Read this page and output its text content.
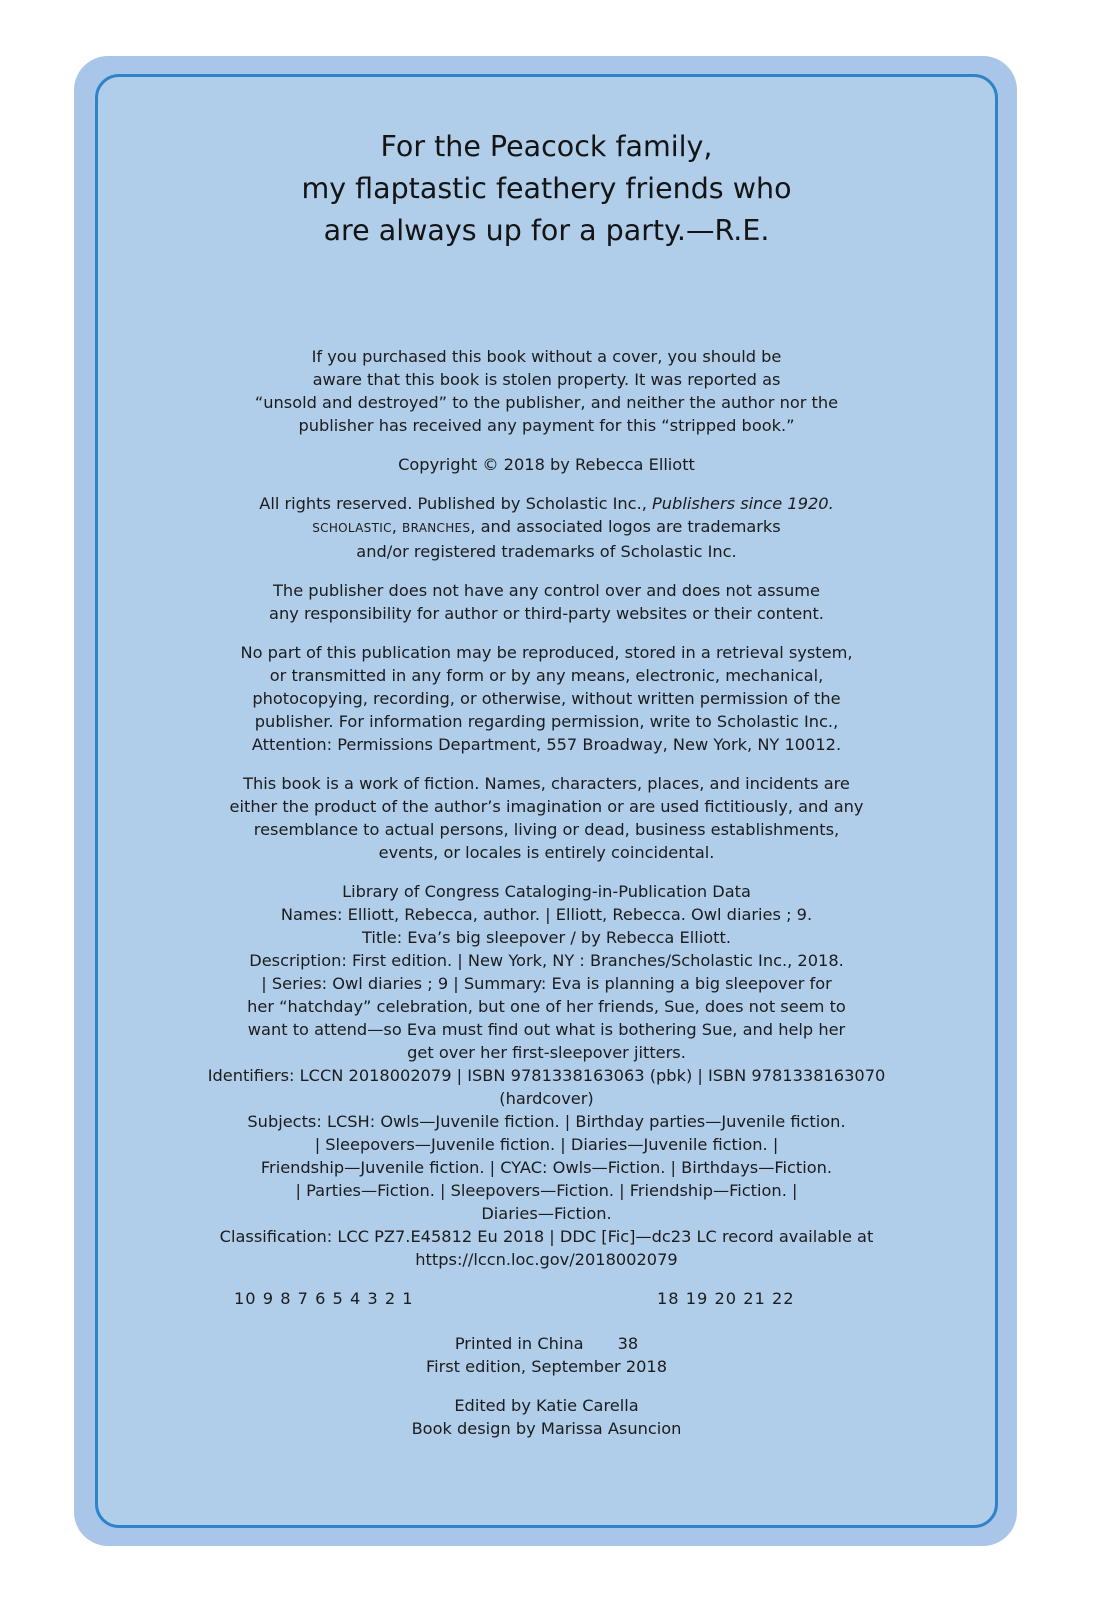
For the Peacock family,
my flaptastic feathery friends who
are always up for a party.—R.E.
If you purchased this book without a cover, you should be
aware that this book is stolen property. It was reported as
“unsold and destroyed” to the publisher, and neither the author nor the
publisher has received any payment for this “stripped book.”
Copyright © 2018 by Rebecca Elliott
All rights reserved. Published by Scholastic Inc., Publishers since 1920.
SCHOLASTIC, BRANCHES, and associated logos are trademarks
and/or registered trademarks of Scholastic Inc.
The publisher does not have any control over and does not assume
any responsibility for author or third-party websites or their content.
No part of this publication may be reproduced, stored in a retrieval system,
or transmitted in any form or by any means, electronic, mechanical,
photocopying, recording, or otherwise, without written permission of the
publisher. For information regarding permission, write to Scholastic Inc.,
Attention: Permissions Department, 557 Broadway, New York, NY 10012.
This book is a work of fiction. Names, characters, places, and incidents are
either the product of the author’s imagination or are used fictitiously, and any
resemblance to actual persons, living or dead, business establishments,
events, or locales is entirely coincidental.
Library of Congress Cataloging-in-Publication Data
Names: Elliott, Rebecca, author. | Elliott, Rebecca. Owl diaries ; 9.
Title: Eva’s big sleepover / by Rebecca Elliott.
Description: First edition. | New York, NY : Branches/Scholastic Inc., 2018.
| Series: Owl diaries ; 9 | Summary: Eva is planning a big sleepover for
her “hatchday” celebration, but one of her friends, Sue, does not seem to
want to attend—so Eva must find out what is bothering Sue, and help her
get over her first-sleepover jitters.
Identifiers: LCCN 2018002079 | ISBN 9781338163063 (pbk) | ISBN 9781338163070
(hardcover)
Subjects: LCSH: Owls—Juvenile fiction. | Birthday parties—Juvenile fiction.
| Sleepovers—Juvenile fiction. | Diaries—Juvenile fiction. |
Friendship—Juvenile fiction. | CYAC: Owls—Fiction. | Birthdays—Fiction.
| Parties—Fiction. | Sleepovers—Fiction. | Friendship—Fiction. |
Diaries—Fiction.
Classification: LCC PZ7.E45812 Eu 2018 | DDC [Fic]—dc23 LC record available at
https://lccn.loc.gov/2018002079
10 9 8 7 6 5 4 3 2 1	18 19 20 21 22
Printed in China 38
First edition, September 2018
Edited by Katie Carella
Book design by Marissa Asuncion
